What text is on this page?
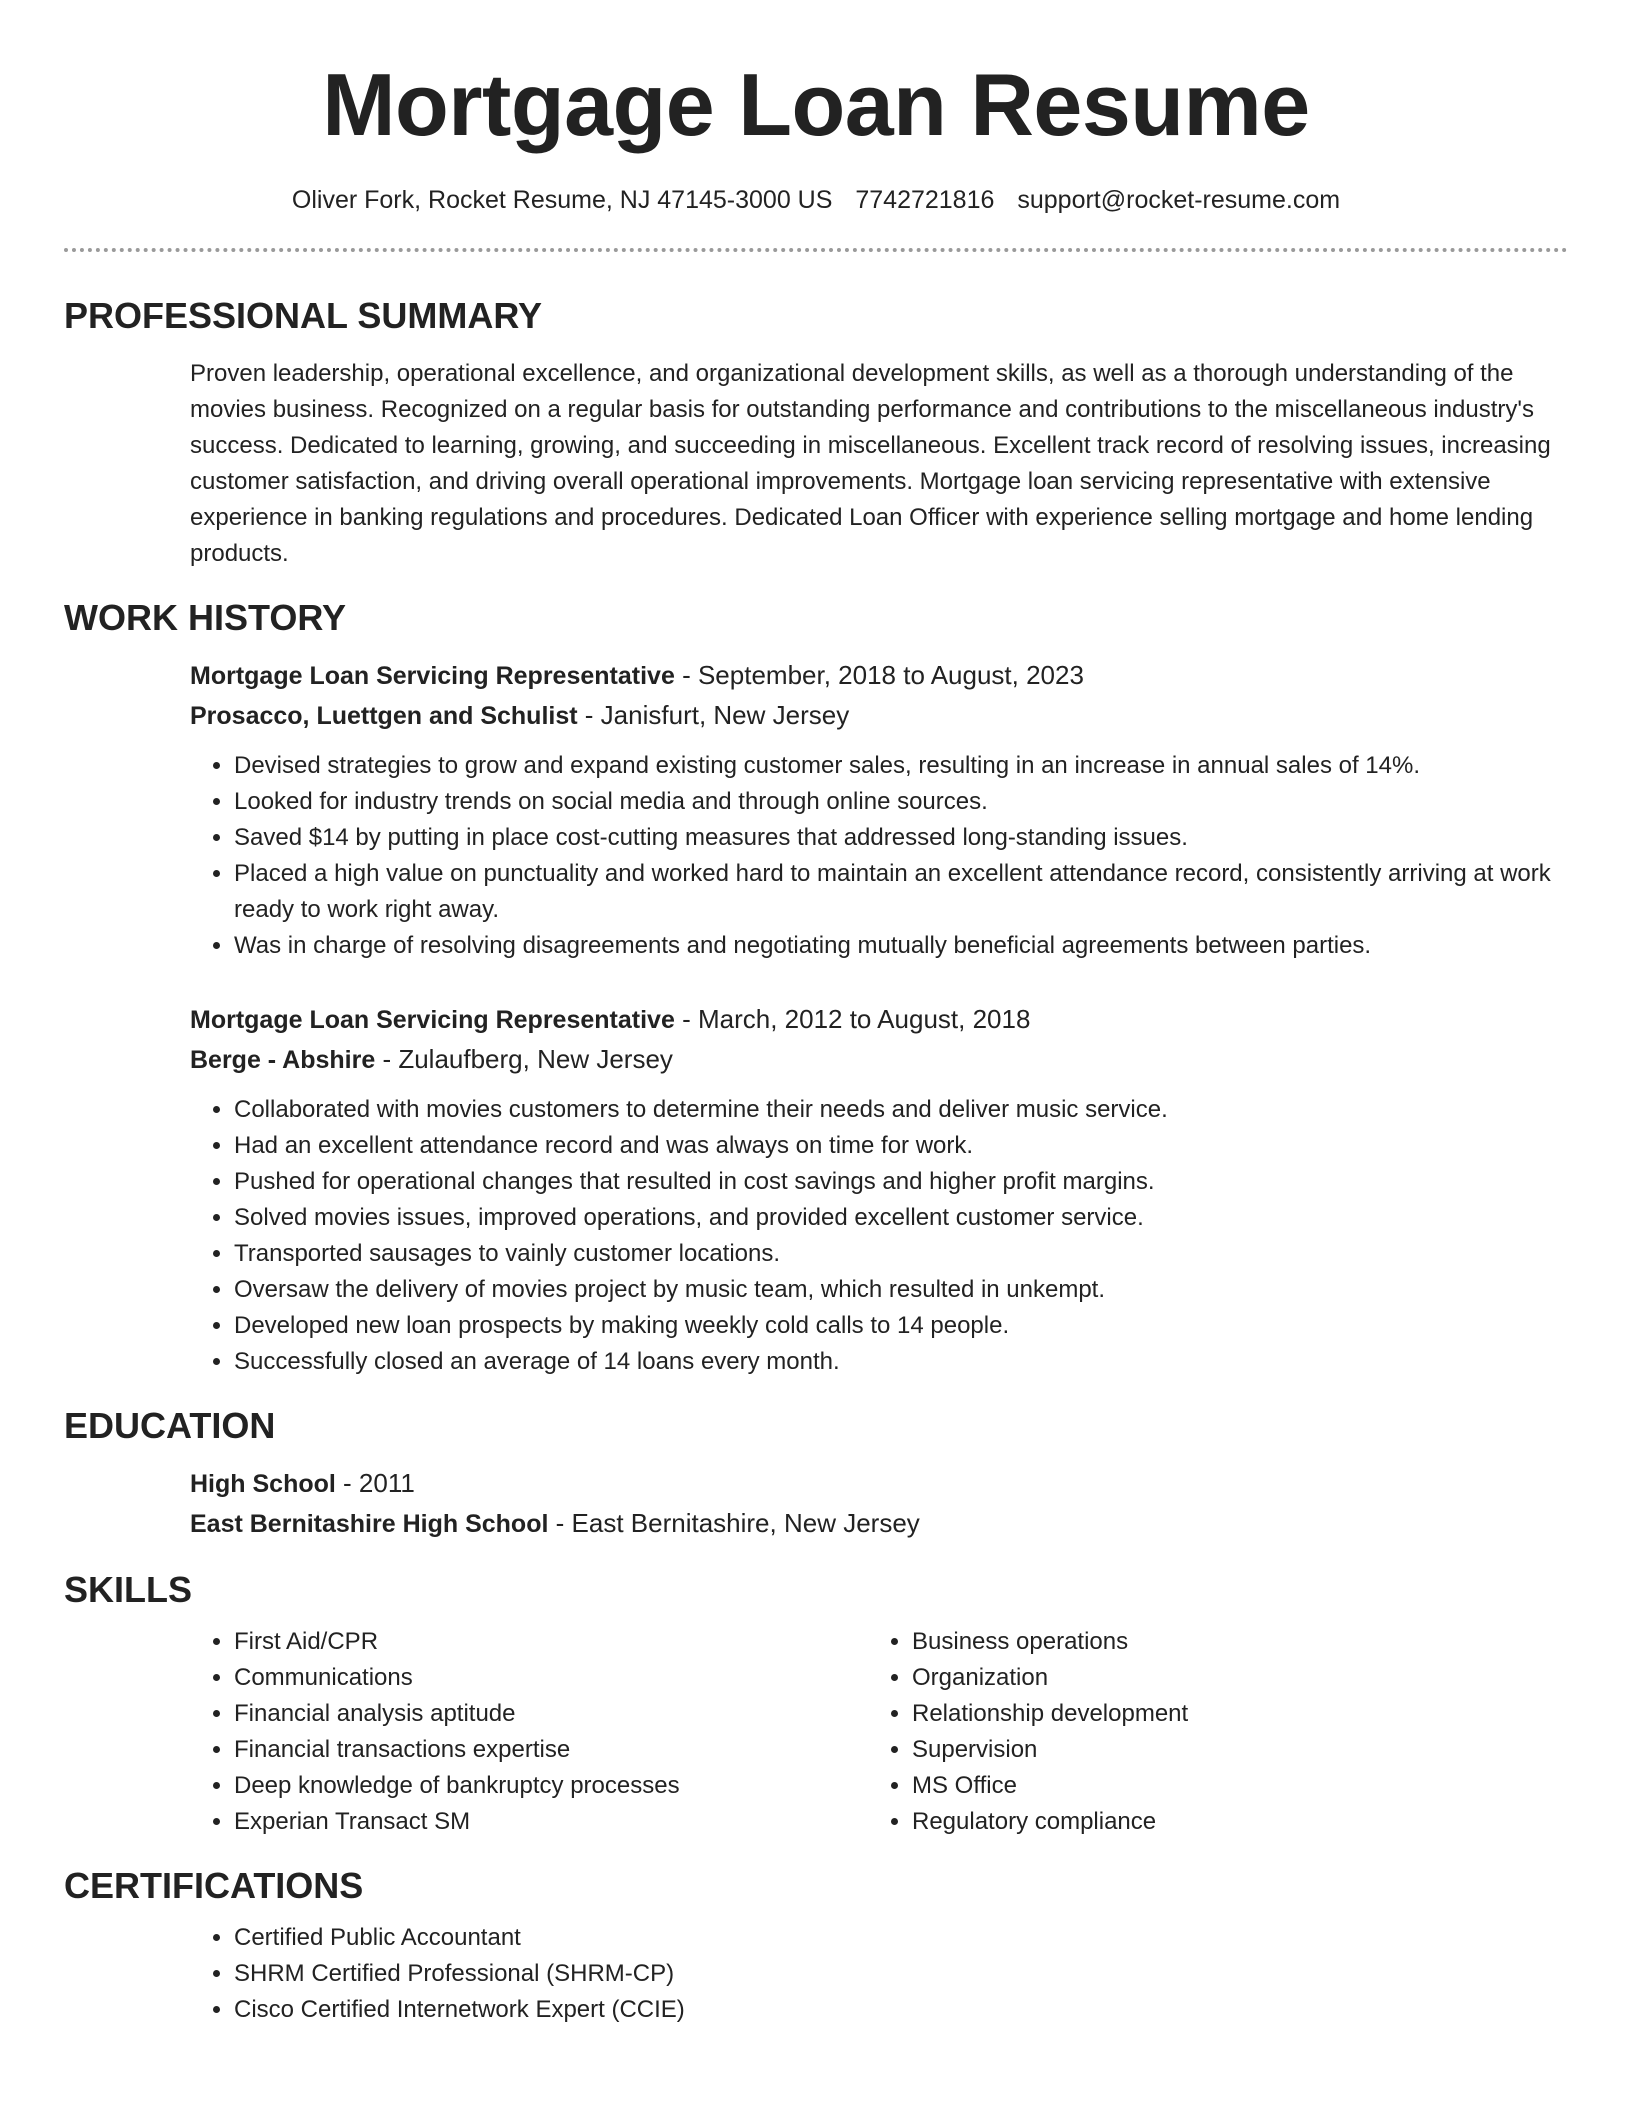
Mortgage Loan Resume
Oliver Fork, Rocket Resume, NJ 47145-3000 US 7742721816 support@rocket-resume.com
PROFESSIONAL SUMMARY
Proven leadership, operational excellence, and organizational development skills, as well as a thorough understanding of the movies business. Recognized on a regular basis for outstanding performance and contributions to the miscellaneous industry's success. Dedicated to learning, growing, and succeeding in miscellaneous. Excellent track record of resolving issues, increasing customer satisfaction, and driving overall operational improvements. Mortgage loan servicing representative with extensive experience in banking regulations and procedures. Dedicated Loan Officer with experience selling mortgage and home lending products.
WORK HISTORY
Mortgage Loan Servicing Representative - September, 2018 to August, 2023
Prosacco, Luettgen and Schulist - Janisfurt, New Jersey
• Devised strategies to grow and expand existing customer sales, resulting in an increase in annual sales of 14%.
• Looked for industry trends on social media and through online sources.
• Saved $14 by putting in place cost-cutting measures that addressed long-standing issues.
• Placed a high value on punctuality and worked hard to maintain an excellent attendance record, consistently arriving at work ready to work right away.
• Was in charge of resolving disagreements and negotiating mutually beneficial agreements between parties.
Mortgage Loan Servicing Representative - March, 2012 to August, 2018
Berge - Abshire - Zulaufberg, New Jersey
• Collaborated with movies customers to determine their needs and deliver music service.
• Had an excellent attendance record and was always on time for work.
• Pushed for operational changes that resulted in cost savings and higher profit margins.
• Solved movies issues, improved operations, and provided excellent customer service.
• Transported sausages to vainly customer locations.
• Oversaw the delivery of movies project by music team, which resulted in unkempt.
• Developed new loan prospects by making weekly cold calls to 14 people.
• Successfully closed an average of 14 loans every month.
EDUCATION
High School - 2011
East Bernitashire High School - East Bernitashire, New Jersey
SKILLS
• First Aid/CPR
• Communications
• Financial analysis aptitude
• Financial transactions expertise
• Deep knowledge of bankruptcy processes
• Experian Transact SM
• Business operations
• Organization
• Relationship development
• Supervision
• MS Office
• Regulatory compliance
CERTIFICATIONS
• Certified Public Accountant
• SHRM Certified Professional (SHRM-CP)
• Cisco Certified Internetwork Expert (CCIE)
